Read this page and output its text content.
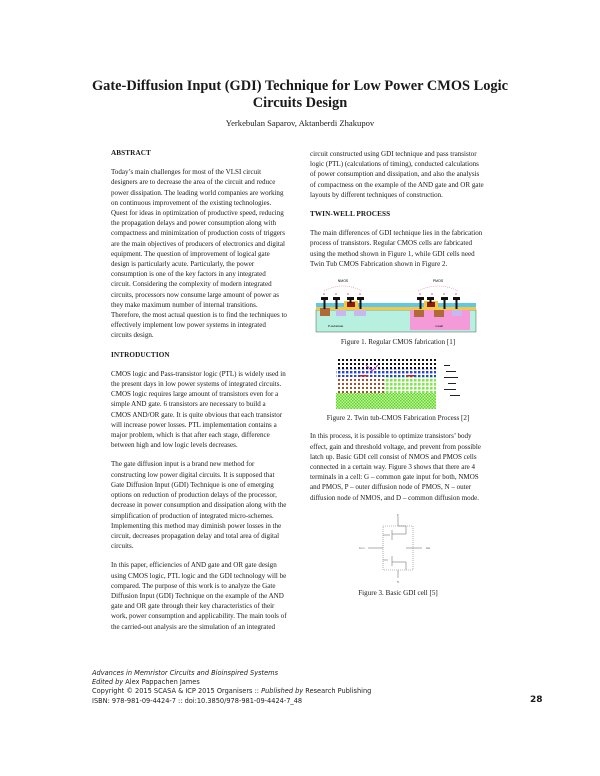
Gate-Diffusion Input (GDI) Technique for Low Power CMOS Logic
Circuits Design
Yerkebulan Saparov, Aktanberdi Zhakupov
ABSTRACT
Today’s main challenges for most of the VLSI circuit designers are to decrease the area of the circuit and reduce power dissipation. The leading world companies are working on continuous improvement of the existing technologies. Quest for ideas in optimization of productive speed, reducing the propagation delays and power consumption along with compactness and minimization of production costs of triggers are the main objectives of producers of electronics and digital equipment. The question of improvement of logical gate design is particularly acute. Particularly, the power consumption is one of the key factors in any integrated circuit. Considering the complexity of modern integrated circuits, processors now consume large amount of power as they make maximum number of internal transitions. Therefore, the most actual question is to find the techniques to effectively implement low power systems in integrated circuits design.
INTRODUCTION
CMOS logic and Pass-transistor logic (PTL) is widely used in the present days in low power systems of integrated circuits. CMOS logic requires large amount of transistors even for a simple AND gate. 6 transistors are necessary to build a CMOS AND/OR gate. It is quite obvious that each transistor will increase power losses. PTL implementation contains a major problem, which is that after each stage, difference between high and low logic levels decreases.
The gate diffusion input is a brand new method for constructing low power digital circuits. It is supposed that Gate Diffusion Input (GDI) Technique is one of emerging options on reduction of production delays of the processor, decrease in power consumption and dissipation along with the simplification of production of integrated micro-schemes. Implementing this method may diminish power losses in the circuit, decreases propagation delay and total area of digital circuits.
In this paper, efficiencies of AND gate and OR gate design using CMOS logic, PTL logic and the GDI technology will be compared. The purpose of this work is to analyze the Gate Diffusion Input (GDI) Technique on the example of the AND gate and OR gate through their key characteristics of their work, power consumption and applicability. The main tools of the carried-out analysis are the simulation of an integrated
circuit constructed using GDI technique and pass transistor logic (PTL) (calculations of timing), conducted calculations of power consumption and dissipation, and also the analysis of compactness on the example of the AND gate and OR gate layouts by different techniques of construction.
TWIN-WELL PROCESS
The main differences of GDI technique lies in the fabrication process of transistors. Regular CMOS cells are fabricated using the method shown in Figure 1, while GDI cells need Twin Tub CMOS Fabrication shown in Figure 2.
NMOS	PMOS
P-substrate	n-well
Figure 1. Regular CMOS fabrication [1]
Figure 2. Twin tub-CMOS Fabrication Process [2]
In this process, it is possible to optimize transistors’ body effect, gain and threshold voltage, and prevent from possible latch up. Basic GDI cell consist of NMOS and PMOS cells connected in a certain way. Figure 3 shows that there are 4 terminals in a cell: G – common gate input for both, NMOS and PMOS, P – outer diffusion node of PMOS, N – outer diffusion node of NMOS, and D – common diffusion mode.
P
N
In G	Out
Figure 3. Basic GDI cell [5]
Advances in Memristor Circuits and Bioinspired Systems
Edited by Alex Pappachen James
Copyright © 2015 SCASA & ICP 2015 Organisers :: Published by Research Publishing
ISBN: 978-981-09-4424-7 :: doi:10.3850/978-981-09-4424-7_48	28
